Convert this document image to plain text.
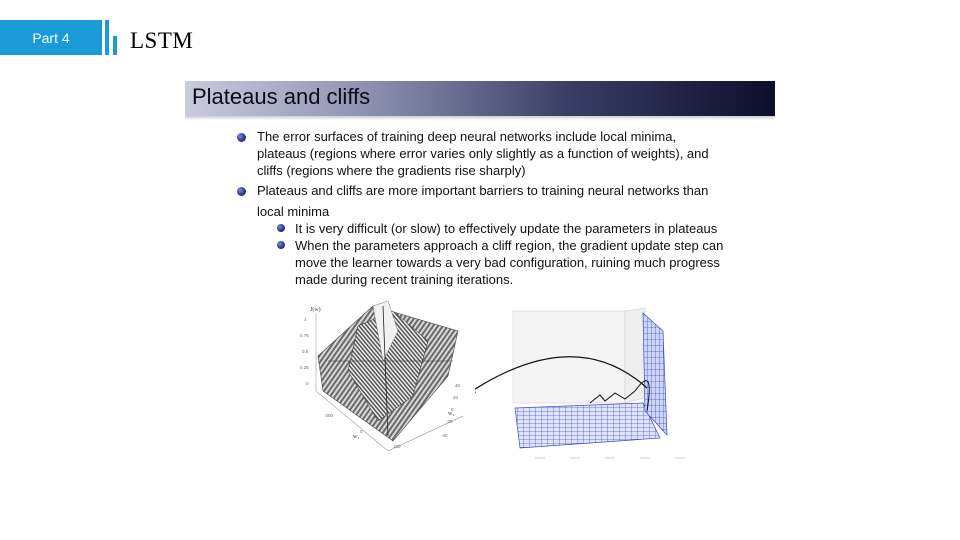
Part 4	LSTM
Plateaus and cliffs
The error surfaces of training deep neural networks include local minima,
plateaus (regions where error varies only slightly as a function of weights), and
cliffs (regions where the gradients rise sharply)
Plateaus and cliffs are more important barriers to training neural networks than
local minima
It is very difficult (or slow) to effectively update the parameters in plateaus
When the parameters approach a cliff region, the gradient update step can
move the learner towards a very bad configuration, ruining much progress
made during recent training iterations.
J(w)
1
0.75
0.5
0.25
0
-200
0
100
w₁
40
20
0
-20
-40
w₂
